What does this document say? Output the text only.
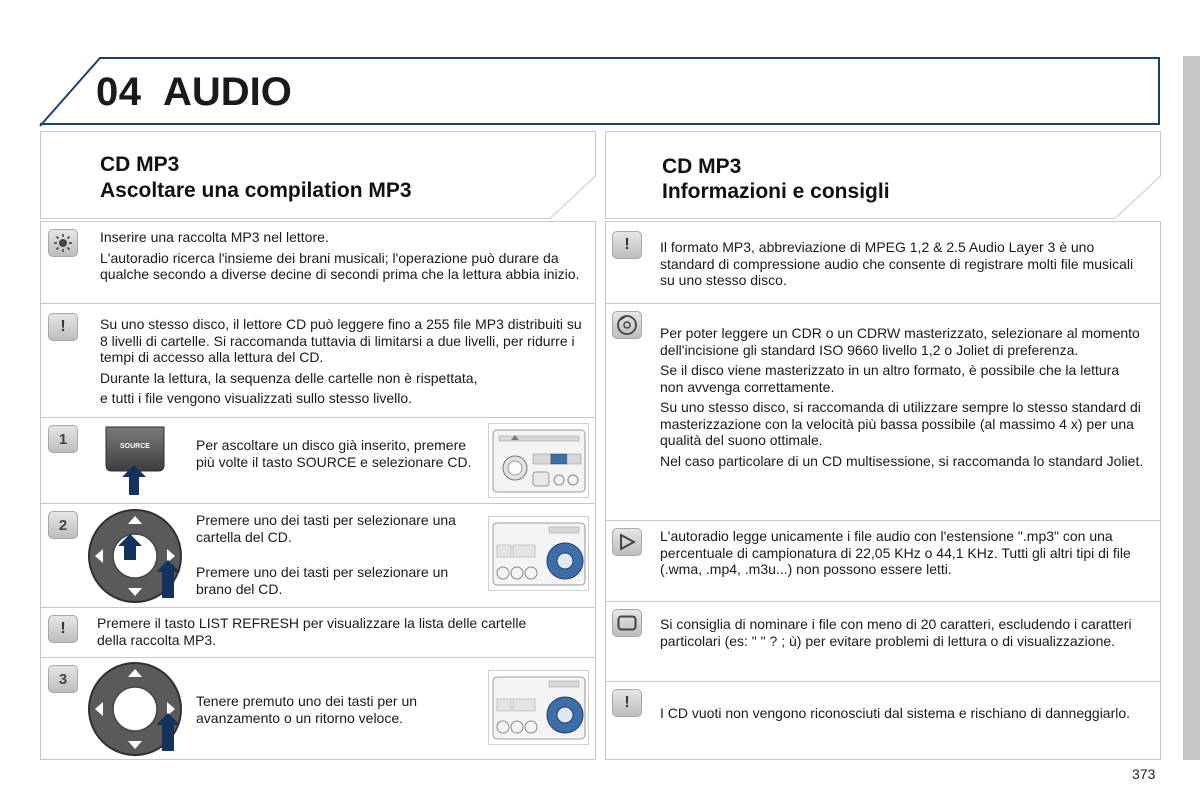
04 AUDIO
CD MP3
Ascoltare una compilation MP3

Inserire una raccolta MP3 nel lettore.

L'autoradio ricerca l'insieme dei brani musicali; l'operazione può durare da qualche secondo a diverse decine di secondi prima che la lettura abbia inizio.

!	Su uno stesso disco, il lettore CD può leggere fino a 255 file MP3 distribuiti su 8 livelli di cartelle. Si raccomanda tuttavia di limitarsi a due livelli, per ridurre i tempi di accesso alla lettura del CD.

Durante la lettura, la sequenza delle cartelle non è rispettata,

e tutti i file vengono visualizzati sullo stesso livello.

1	SOURCE	Per ascoltare un disco già inserito, premere più volte il tasto SOURCE e selezionare CD.
2	Premere uno dei tasti per selezionare una cartella del CD.
Premere uno dei tasti per selezionare un brano del CD.
!	Premere il tasto LIST REFRESH per visualizzare la lista delle cartelle della raccolta MP3.
3
Tenere premuto uno dei tasti per un avanzamento o un ritorno veloce.
CD MP3
Informazioni e consigli
!	Il formato MP3, abbreviazione di MPEG 1,2 & 2.5 Audio Layer 3 è uno standard di compressione audio che consente di registrare molti file musicali su uno stesso disco.

Per poter leggere un CDR o un CDRW masterizzato, selezionare al momento dell'incisione gli standard ISO 9660 livello 1,2 o Joliet di preferenza.

Se il disco viene masterizzato in un altro formato, è possibile che la lettura non avvenga correttamente.

Su uno stesso disco, si raccomanda di utilizzare sempre lo stesso standard di masterizzazione con la velocità più bassa possibile (al massimo 4 x) per una qualità del suono ottimale.

Nel caso particolare di un CD multisessione, si raccomanda lo standard Joliet.

L'autoradio legge unicamente i file audio con l'estensione ".mp3" con una percentuale di campionatura di 22,05 KHz o 44,1 KHz. Tutti gli altri tipi di file (.wma, .mp4, .m3u...) non possono essere letti.
Si consiglia di nominare i file con meno di 20 caratteri, escludendo i caratteri particolari (es: " " ? ; ù) per evitare problemi di lettura o di visualizzazione.
!
I CD vuoti non vengono riconosciuti dal sistema e rischiano di danneggiarlo.
373
